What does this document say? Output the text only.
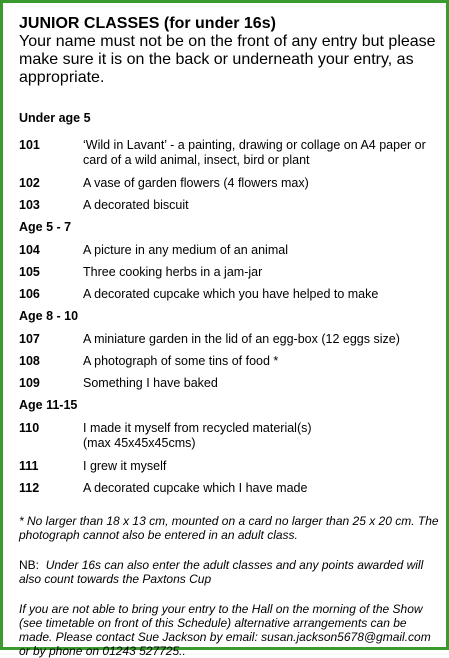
JUNIOR CLASSES (for under 16s)
Your name must not be on the front of any entry but please make sure it is on the back or underneath your entry, as appropriate.
Under age 5
101	‘Wild in Lavant’ - a painting, drawing or collage on A4 paper or
card of a wild animal, insect, bird or plant
102	A vase of garden flowers (4 flowers max)
103	A decorated biscuit
Age 5 - 7
104	A picture in any medium of an animal
105	Three cooking herbs in a jam-jar
106	A decorated cupcake which you have helped to make
Age 8 - 10
107	A miniature garden in the lid of an egg-box (12 eggs size)
108	A photograph of some tins of food *
109	Something I have baked
Age 11-15
110	I made it myself from recycled material(s)
(max 45x45x45cms)
111	I grew it myself
112	A decorated cupcake which I have made
* No larger than 18 x 13 cm, mounted on a card no larger than 25 x 20 cm. The photograph cannot also be entered in an adult class.
NB: Under 16s can also enter the adult classes and any points awarded will also count towards the Paxtons Cup
If you are not able to bring your entry to the Hall on the morning of the Show (see timetable on front of this Schedule) alternative arrangements can be made. Please contact Sue Jackson by email: susan.jackson5678@gmail.com or by phone on 01243 527725..
